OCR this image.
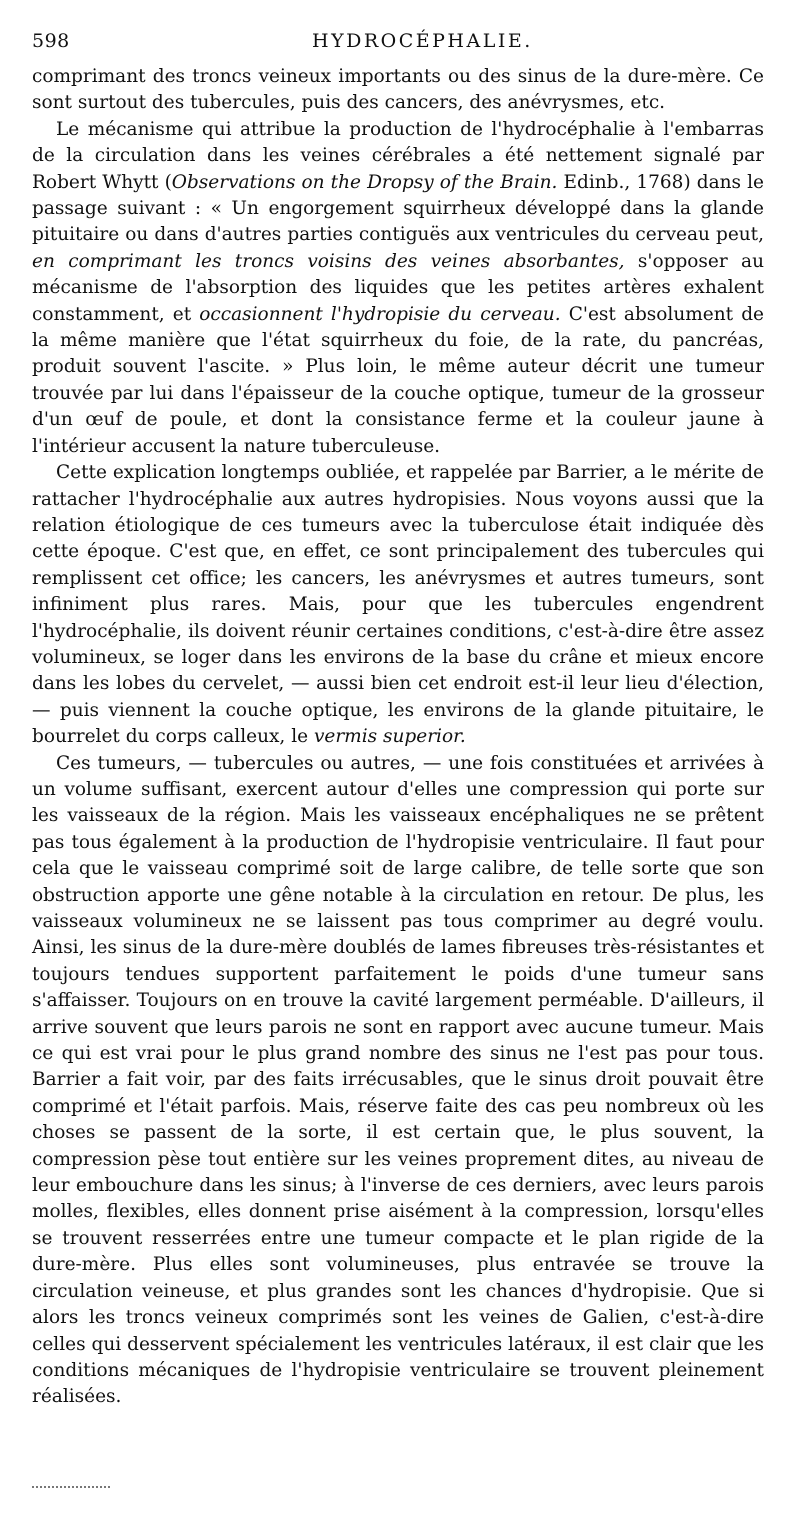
598	HYDROCÉPHALIE.

comprimant des troncs veineux importants ou des sinus de la dure-mère. Ce sont surtout des tubercules, puis des cancers, des anévrysmes, etc.

Le mécanisme qui attribue la production de l'hydrocéphalie à l'embarras de la circulation dans les veines cérébrales a été nettement signalé par Robert Whytt (Observations on the Dropsy of the Brain. Edinb., 1768) dans le passage suivant : « Un engorgement squirrheux développé dans la glande pituitaire ou dans d'autres parties contiguës aux ventricules du cerveau peut, en comprimant les troncs voisins des veines absorbantes, s'opposer au mécanisme de l'absorption des liquides que les petites artères exhalent constamment, et occasionnent l'hydropisie du cerveau. C'est absolument de la même manière que l'état squirrheux du foie, de la rate, du pancréas, produit souvent l'ascite. » Plus loin, le même auteur décrit une tumeur trouvée par lui dans l'épaisseur de la couche optique, tumeur de la grosseur d'un œuf de poule, et dont la consistance ferme et la couleur jaune à l'intérieur accusent la nature tuberculeuse.

Cette explication longtemps oubliée, et rappelée par Barrier, a le mérite de rattacher l'hydrocéphalie aux autres hydropisies. Nous voyons aussi que la relation étiologique de ces tumeurs avec la tuberculose était indiquée dès cette époque. C'est que, en effet, ce sont principalement des tubercules qui remplissent cet office; les cancers, les anévrysmes et autres tumeurs, sont infiniment plus rares. Mais, pour que les tubercules engendrent l'hydrocéphalie, ils doivent réunir certaines conditions, c'est-à-dire être assez volumineux, se loger dans les environs de la base du crâne et mieux encore dans les lobes du cervelet, — aussi bien cet endroit est-il leur lieu d'élection, — puis viennent la couche optique, les environs de la glande pituitaire, le bourrelet du corps calleux, le vermis superior.

Ces tumeurs, — tubercules ou autres, — une fois constituées et arrivées à un volume suffisant, exercent autour d'elles une compression qui porte sur les vaisseaux de la région. Mais les vaisseaux encéphaliques ne se prêtent pas tous également à la production de l'hydropisie ventriculaire. Il faut pour cela que le vaisseau comprimé soit de large calibre, de telle sorte que son obstruction apporte une gêne notable à la circulation en retour. De plus, les vaisseaux volumineux ne se laissent pas tous comprimer au degré voulu. Ainsi, les sinus de la dure-mère doublés de lames fibreuses très-résistantes et toujours tendues supportent parfaitement le poids d'une tumeur sans s'affaisser. Toujours on en trouve la cavité largement perméable. D'ailleurs, il arrive souvent que leurs parois ne sont en rapport avec aucune tumeur. Mais ce qui est vrai pour le plus grand nombre des sinus ne l'est pas pour tous. Barrier a fait voir, par des faits irrécusables, que le sinus droit pouvait être comprimé et l'était parfois. Mais, réserve faite des cas peu nombreux où les choses se passent de la sorte, il est certain que, le plus souvent, la compression pèse tout entière sur les veines proprement dites, au niveau de leur embouchure dans les sinus; à l'inverse de ces derniers, avec leurs parois molles, flexibles, elles donnent prise aisément à la compression, lorsqu'elles se trouvent resserrées entre une tumeur compacte et le plan rigide de la dure-mère. Plus elles sont volumineuses, plus entravée se trouve la circulation veineuse, et plus grandes sont les chances d'hydropisie. Que si alors les troncs veineux comprimés sont les veines de Galien, c'est-à-dire celles qui desservent spécialement les ventricules latéraux, il est clair que les conditions mécaniques de l'hydropisie ventriculaire se trouvent pleinement réalisées.
